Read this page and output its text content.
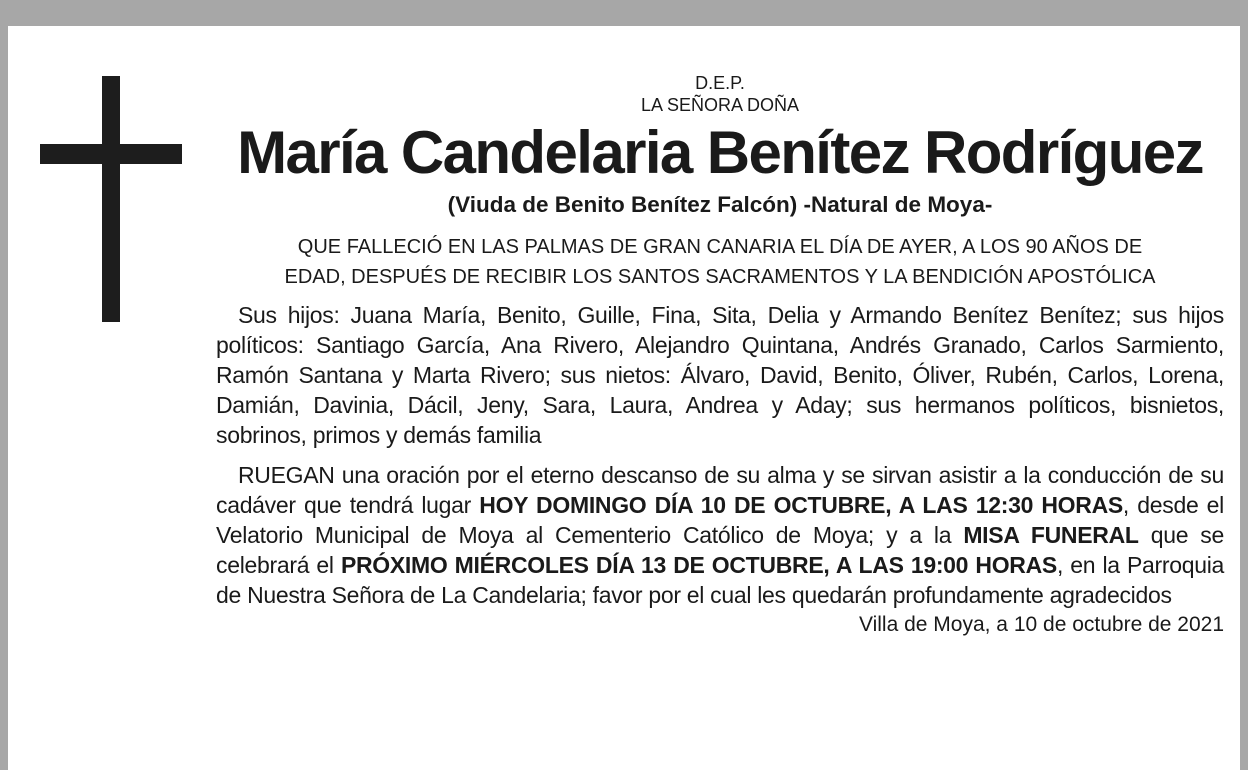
D.E.P.
LA SEÑORA DOÑA
María Candelaria Benítez Rodríguez
(Viuda de Benito Benítez Falcón) -Natural de Moya-
QUE FALLECIÓ EN LAS PALMAS DE GRAN CANARIA EL DÍA DE AYER, A LOS 90 AÑOS DE
EDAD, DESPUÉS DE RECIBIR LOS SANTOS SACRAMENTOS Y LA BENDICIÓN APOSTÓLICA
Sus hijos: Juana María, Benito, Guille, Fina, Sita, Delia y Armando Benítez Benítez; sus hijos políticos: Santiago García, Ana Rivero, Alejandro Quintana, Andrés Granado, Carlos Sarmiento, Ramón Santana y Marta Rivero; sus nietos: Álvaro, David, Benito, Óliver, Rubén, Carlos, Lorena, Damián, Davinia, Dácil, Jeny, Sara, Laura, Andrea y Aday; sus hermanos políticos, bisnietos, sobrinos, primos y demás familia
RUEGAN una oración por el eterno descanso de su alma y se sirvan asistir a la conducción de su cadáver que tendrá lugar HOY DOMINGO DÍA 10 DE OCTUBRE, A LAS 12:30 HORAS, desde el Velatorio Municipal de Moya al Cementerio Católico de Moya; y a la MISA FUNERAL que se celebrará el PRÓXIMO MIÉRCOLES DÍA 13 DE OCTUBRE, A LAS 19:00 HORAS, en la Parroquia de Nuestra Señora de La Candelaria; favor por el cual les quedarán profundamente agradecidos
Villa de Moya, a 10 de octubre de 2021
